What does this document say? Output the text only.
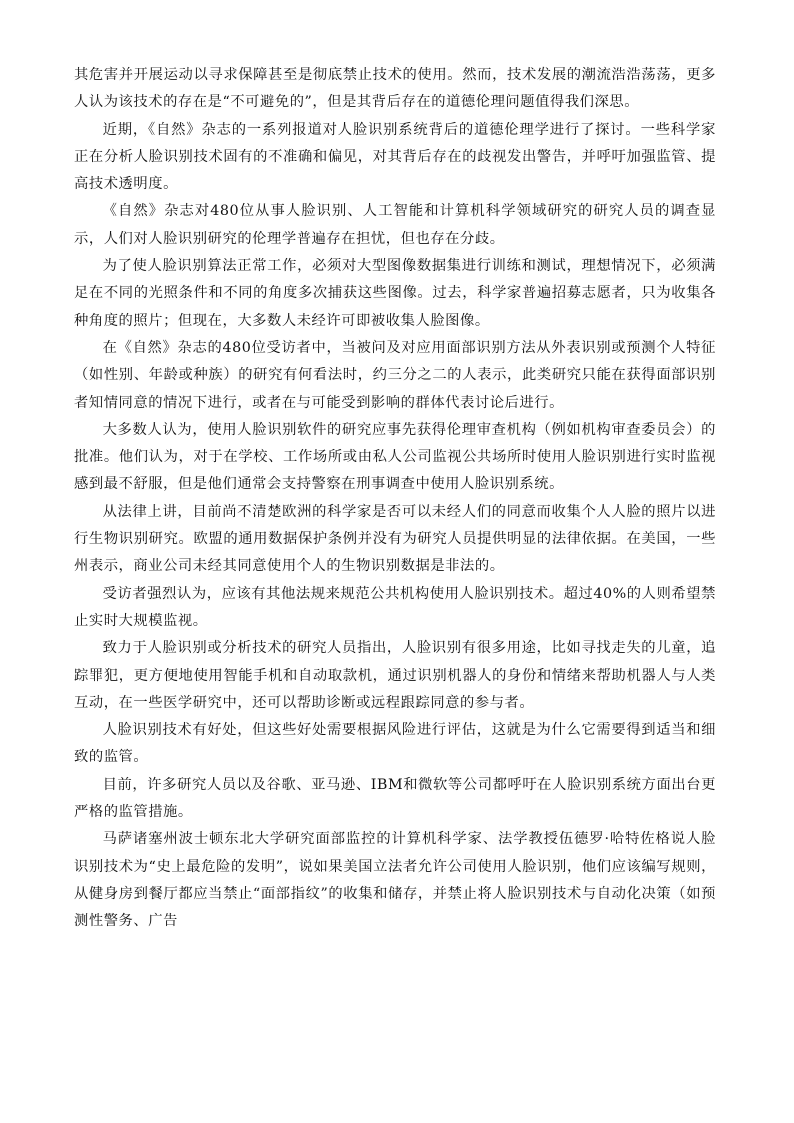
其危害并开展运动以寻求保障甚至是彻底禁止技术的使用。然而，技术发展的潮流浩浩荡荡，更多人认为该技术的存在是“不可避免的”，但是其背后存在的道德伦理问题值得我们深思。

近期，《自然》杂志的一系列报道对人脸识别系统背后的道德伦理学进行了探讨。一些科学家正在分析人脸识别技术固有的不准确和偏见，对其背后存在的歧视发出警告，并呼吁加强监管、提高技术透明度。

《自然》杂志对480位从事人脸识别、人工智能和计算机科学领域研究的研究人员的调查显示，人们对人脸识别研究的伦理学普遍存在担忧，但也存在分歧。

为了使人脸识别算法正常工作，必须对大型图像数据集进行训练和测试，理想情况下，必须满足在不同的光照条件和不同的角度多次捕获这些图像。过去，科学家普遍招募志愿者，只为收集各种角度的照片；但现在，大多数人未经许可即被收集人脸图像。

在《自然》杂志的480位受访者中，当被问及对应用面部识别方法从外表识别或预测个人特征（如性别、年龄或种族）的研究有何看法时，约三分之二的人表示，此类研究只能在获得面部识别者知情同意的情况下进行，或者在与可能受到影响的群体代表讨论后进行。

大多数人认为，使用人脸识别软件的研究应事先获得伦理审查机构（例如机构审查委员会）的批准。他们认为，对于在学校、工作场所或由私人公司监视公共场所时使用人脸识别进行实时监视感到最不舒服，但是他们通常会支持警察在刑事调查中使用人脸识别系统。

从法律上讲，目前尚不清楚欧洲的科学家是否可以未经人们的同意而收集个人人脸的照片以进行生物识别研究。欧盟的通用数据保护条例并没有为研究人员提供明显的法律依据。在美国，一些州表示，商业公司未经其同意使用个人的生物识别数据是非法的。

受访者强烈认为，应该有其他法规来规范公共机构使用人脸识别技术。超过40%的人则希望禁止实时大规模监视。

致力于人脸识别或分析技术的研究人员指出，人脸识别有很多用途，比如寻找走失的儿童，追踪罪犯，更方便地使用智能手机和自动取款机，通过识别机器人的身份和情绪来帮助机器人与人类互动，在一些医学研究中，还可以帮助诊断或远程跟踪同意的参与者。

人脸识别技术有好处，但这些好处需要根据风险进行评估，这就是为什么它需要得到适当和细致的监管。

目前，许多研究人员以及谷歌、亚马逊、IBM和微软等公司都呼吁在人脸识别系统方面出台更严格的监管措施。

马萨诸塞州波士顿东北大学研究面部监控的计算机科学家、法学教授伍德罗·哈特佐格说人脸识别技术为“史上最危险的发明”，说如果美国立法者允许公司使用人脸识别，他们应该编写规则，从健身房到餐厅都应当禁止“面部指纹”的收集和储存，并禁止将人脸识别技术与自动化决策（如预测性警务、广告
